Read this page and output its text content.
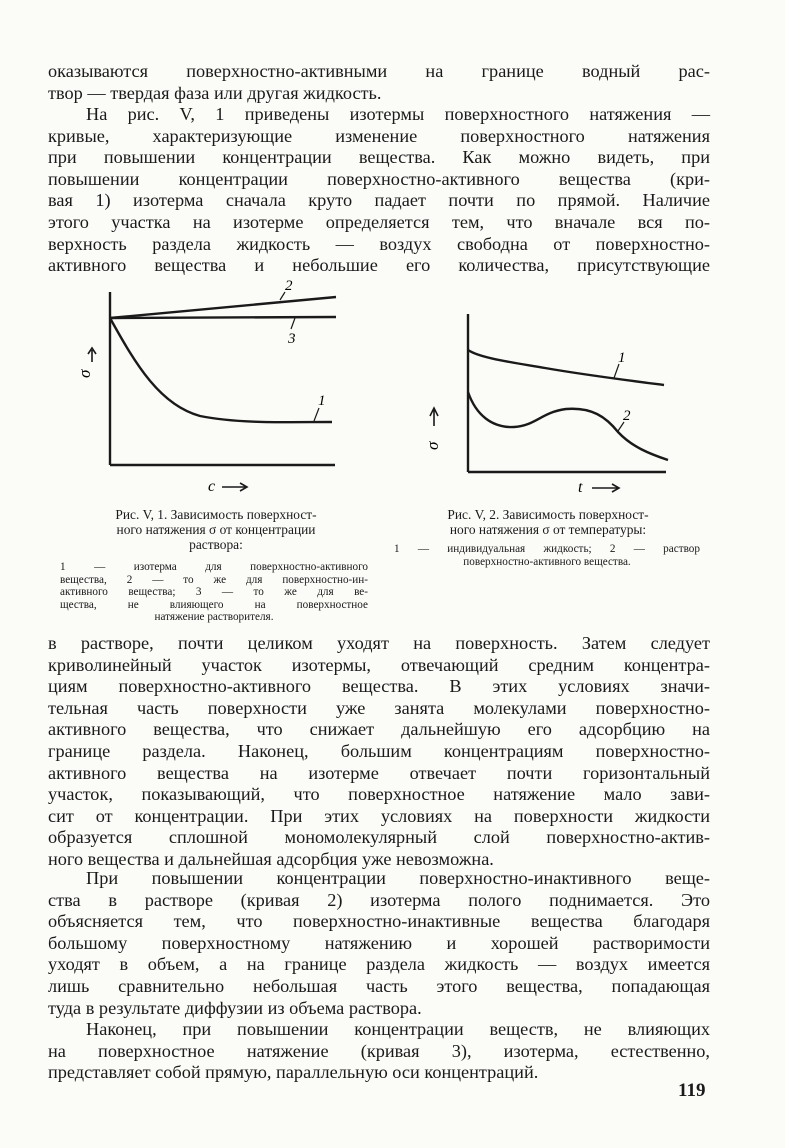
оказываются поверхностно-активными на границе водный рас-
твор — твердая фаза или другая жидкость.
На рис. V, 1 приведены изотермы поверхностного натяжения —
кривые, характеризующие изменение поверхностного натяжения
при повышении концентрации вещества. Как можно видеть, при
повышении концентрации поверхностно-активного вещества (кри-
вая 1) изотерма сначала круто падает почти по прямой. Наличие
этого участка на изотерме определяется тем, что вначале вся по-
верхность раздела жидкость — воздух свободна от поверхностно-
активного вещества и небольшие его количества, присутствующие
2
3
1
σ
c
Рис. V, 1. Зависимость поверхност-
ного натяжения σ от концентрации
раствора:
1 — изотерма для поверхностно-активного
вещества, 2 — то же для поверхностно-ин-
активного вещества; 3 — то же для ве-
щества, не влияющего на поверхностное
натяжение растворителя.
1
2
σ
t
Рис. V, 2. Зависимость поверхност-
ного натяжения σ от температуры:
1 — индивидуальная жидкость; 2 — раствор
поверхностно-активного вещества.
в растворе, почти целиком уходят на поверхность. Затем следует
криволинейный участок изотермы, отвечающий средним концентра-
циям поверхностно-активного вещества. В этих условиях значи-
тельная часть поверхности уже занята молекулами поверхностно-
активного вещества, что снижает дальнейшую его адсорбцию на
границе раздела. Наконец, большим концентрациям поверхностно-
активного вещества на изотерме отвечает почти горизонтальный
участок, показывающий, что поверхностное натяжение мало зави-
сит от концентрации. При этих условиях на поверхности жидкости
образуется сплошной мономолекулярный слой поверхностно-актив-
ного вещества и дальнейшая адсорбция уже невозможна.
При повышении концентрации поверхностно-инактивного веще-
ства в растворе (кривая 2) изотерма полого поднимается. Это
объясняется тем, что поверхностно-инактивные вещества благодаря
большому поверхностному натяжению и хорошей растворимости
уходят в объем, а на границе раздела жидкость — воздух имеется
лишь сравнительно небольшая часть этого вещества, попадающая
туда в результате диффузии из объема раствора.
Наконец, при повышении концентрации веществ, не влияющих
на поверхностное натяжение (кривая 3), изотерма, естественно,
представляет собой прямую, параллельную оси концентраций.
119
